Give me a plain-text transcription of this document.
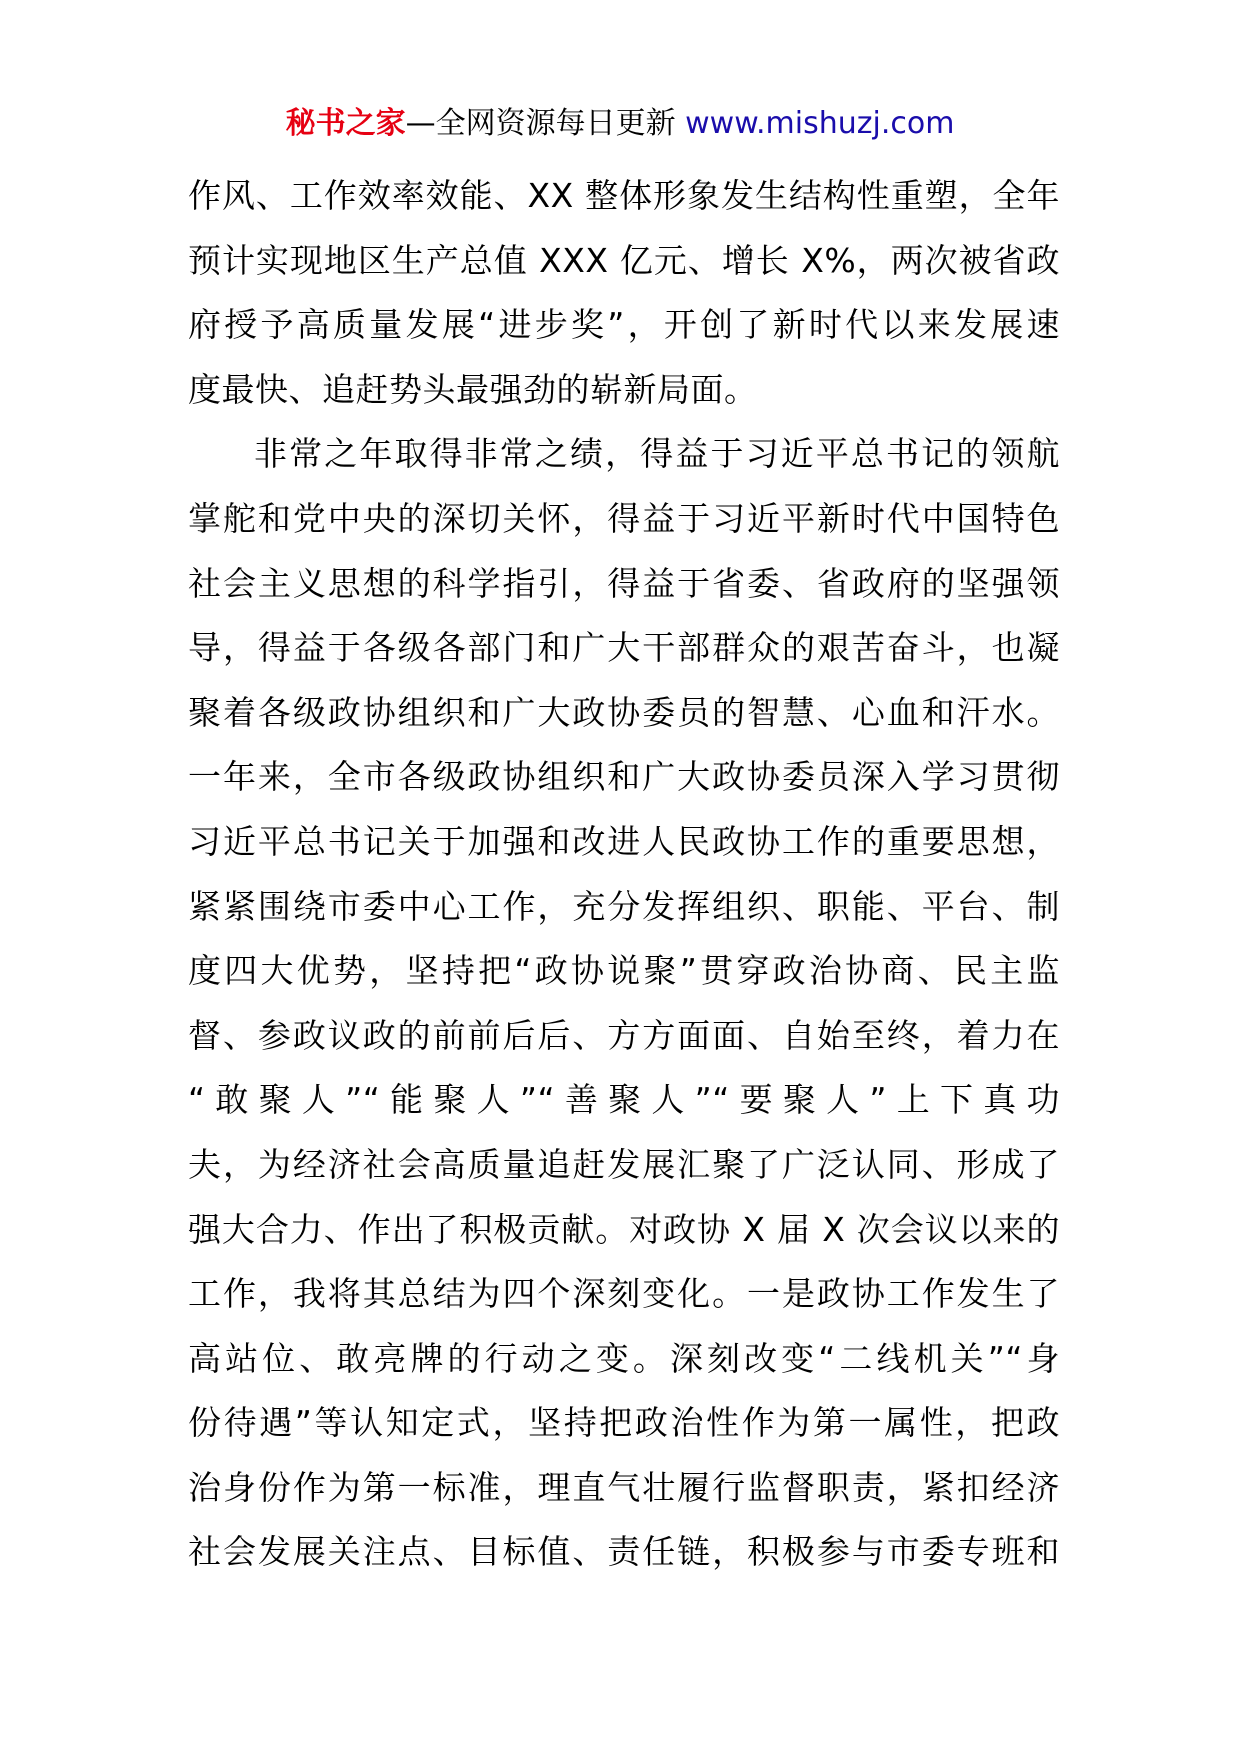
秘书之家—全网资源每日更新 www.mishuzj.com
作风、工作效率效能、XX 整体形象发生结构性重塑，全年
预计实现地区生产总值 XXX 亿元、增长 X%，两次被省政
府授予高质量发展“进步奖”，开创了新时代以来发展速
度最快、追赶势头最强劲的崭新局面。
非常之年取得非常之绩，得益于习近平总书记的领航
掌舵和党中央的深切关怀，得益于习近平新时代中国特色
社会主义思想的科学指引，得益于省委、省政府的坚强领
导，得益于各级各部门和广大干部群众的艰苦奋斗，也凝
聚着各级政协组织和广大政协委员的智慧、心血和汗水。
一年来，全市各级政协组织和广大政协委员深入学习贯彻
习近平总书记关于加强和改进人民政协工作的重要思想，
紧紧围绕市委中心工作，充分发挥组织、职能、平台、制
度四大优势，坚持把“政协说聚”贯穿政治协商、民主监
督、参政议政的前前后后、方方面面、自始至终，着力在
“敢聚人”“能聚人”“善聚人”“要聚人”上下真功
夫，为经济社会高质量追赶发展汇聚了广泛认同、形成了
强大合力、作出了积极贡献。对政协 X 届 X 次会议以来的
工作，我将其总结为四个深刻变化。一是政协工作发生了
高站位、敢亮牌的行动之变。深刻改变“二线机关”“身
份待遇”等认知定式，坚持把政治性作为第一属性，把政
治身份作为第一标准，理直气壮履行监督职责，紧扣经济
社会发展关注点、目标值、责任链，积极参与市委专班和
